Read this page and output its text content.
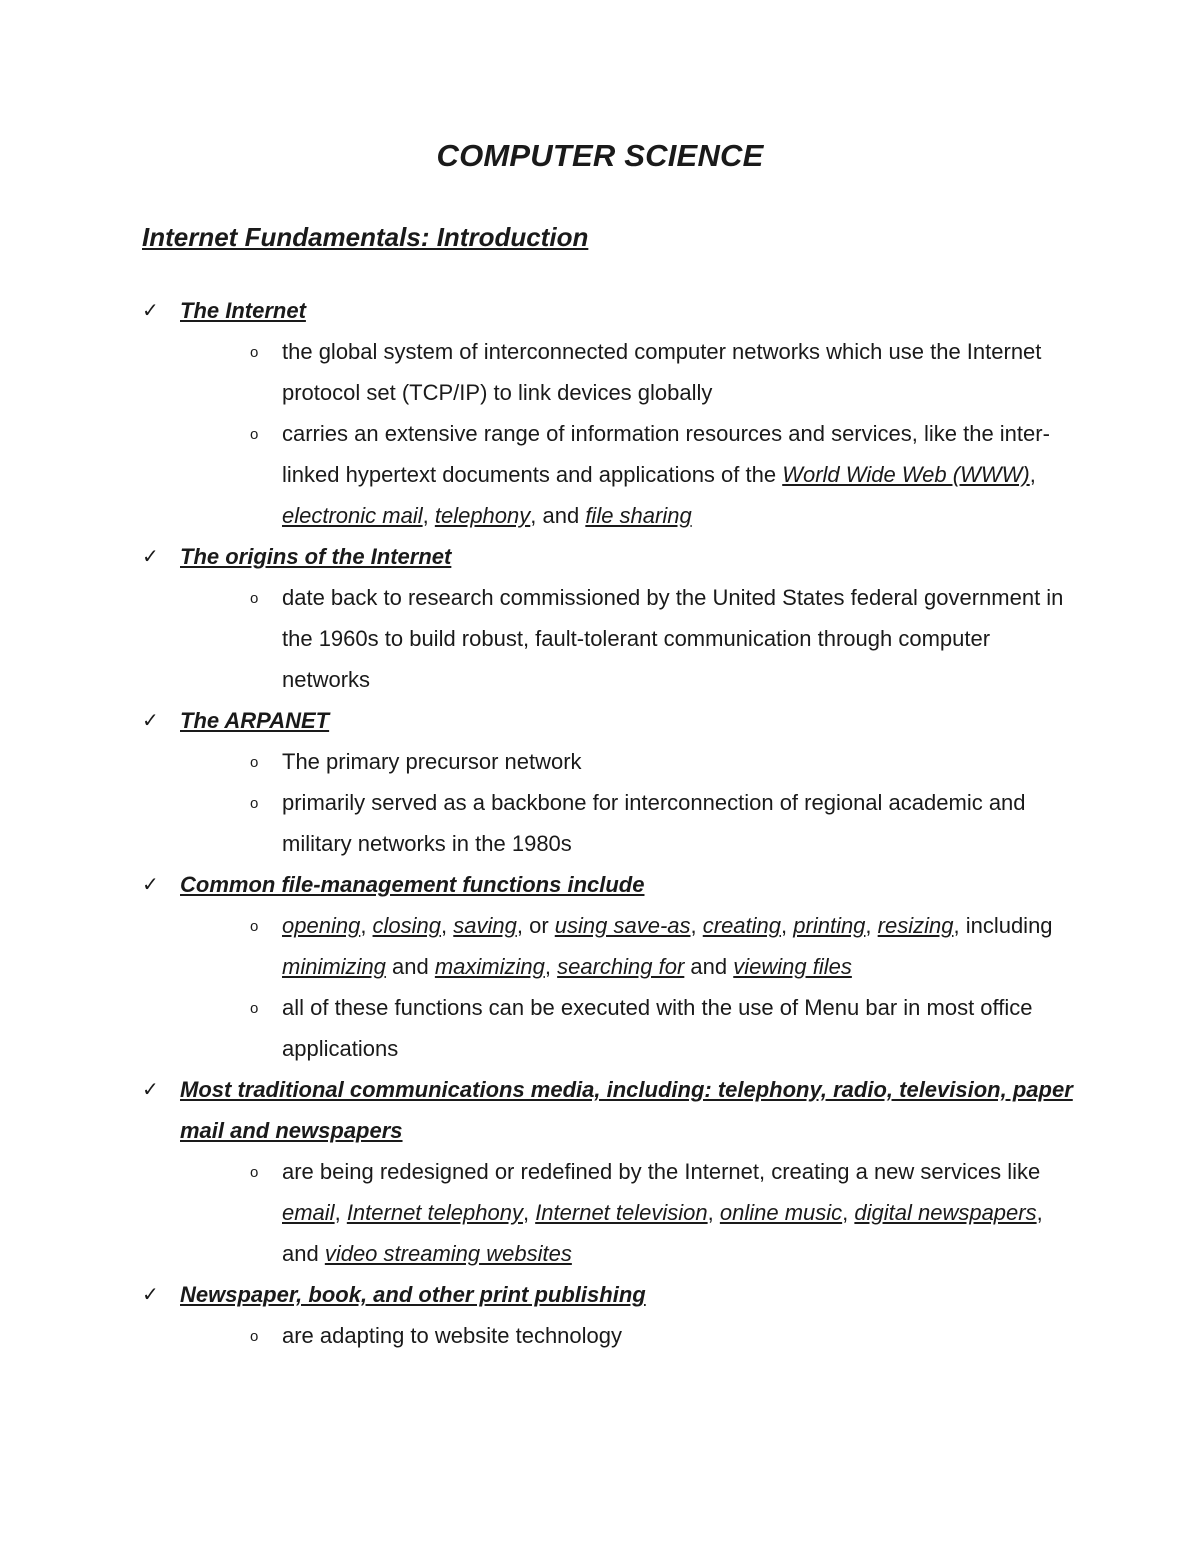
COMPUTER SCIENCE
Internet Fundamentals: Introduction
✓ The Internet
o the global system of interconnected computer networks which use the Internet protocol set (TCP/IP) to link devices globally
o carries an extensive range of information resources and services, like the inter-linked hypertext documents and applications of the World Wide Web (WWW), electronic mail, telephony, and file sharing
✓ The origins of the Internet
o date back to research commissioned by the United States federal government in the 1960s to build robust, fault-tolerant communication through computer networks
✓ The ARPANET
o The primary precursor network
o primarily served as a backbone for interconnection of regional academic and military networks in the 1980s
✓ Common file-management functions include
o opening, closing, saving, or using save-as, creating, printing, resizing, including minimizing and maximizing, searching for and viewing files
o all of these functions can be executed with the use of Menu bar in most office applications
✓ Most traditional communications media, including: telephony, radio, television, paper mail and newspapers
o are being redesigned or redefined by the Internet, creating a new services like email, Internet telephony, Internet television, online music, digital newspapers, and video streaming websites
✓ Newspaper, book, and other print publishing
o are adapting to website technology
